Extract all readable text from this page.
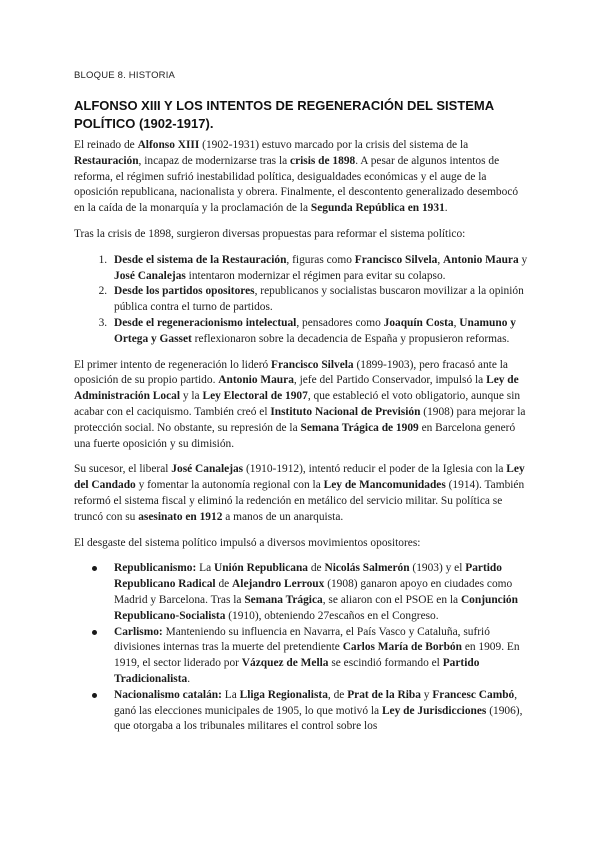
BLOQUE 8. HISTORIA
ALFONSO XIII Y LOS INTENTOS DE REGENERACIÓN DEL SISTEMA POLÍTICO (1902-1917).

El reinado de Alfonso XIII (1902-1931) estuvo marcado por la crisis del sistema de la Restauración, incapaz de modernizarse tras la crisis de 1898. A pesar de algunos intentos de reforma, el régimen sufrió inestabilidad política, desigualdades económicas y el auge de la oposición republicana, nacionalista y obrera. Finalmente, el descontento generalizado desembocó en la caída de la monarquía y la proclamación de la Segunda República en 1931.

Tras la crisis de 1898, surgieron diversas propuestas para reformar el sistema político:

1. Desde el sistema de la Restauración, figuras como Francisco Silvela, Antonio Maura y José Canalejas intentaron modernizar el régimen para evitar su colapso.
2. Desde los partidos opositores, republicanos y socialistas buscaron movilizar a la opinión pública contra el turno de partidos.
3. Desde el regeneracionismo intelectual, pensadores como Joaquín Costa, Unamuno y Ortega y Gasset reflexionaron sobre la decadencia de España y propusieron reformas.

El primer intento de regeneración lo lideró Francisco Silvela (1899-1903), pero fracasó ante la oposición de su propio partido. Antonio Maura, jefe del Partido Conservador, impulsó la Ley de Administración Local y la Ley Electoral de 1907, que estableció el voto obligatorio, aunque sin acabar con el caciquismo. También creó el Instituto Nacional de Previsión (1908) para mejorar la protección social. No obstante, su represión de la Semana Trágica de 1909 en Barcelona generó una fuerte oposición y su dimisión.

Su sucesor, el liberal José Canalejas (1910-1912), intentó reducir el poder de la Iglesia con la Ley del Candado y fomentar la autonomía regional con la Ley de Mancomunidades (1914). También reformó el sistema fiscal y eliminó la redención en metálico del servicio militar. Su política se truncó con su asesinato en 1912 a manos de un anarquista.

El desgaste del sistema político impulsó a diversos movimientos opositores:

Republicanismo: La Unión Republicana de Nicolás Salmerón (1903) y el Partido Republicano Radical de Alejandro Lerroux (1908) ganaron apoyo en ciudades como Madrid y Barcelona. Tras la Semana Trágica, se aliaron con el PSOE en la Conjunción Republicano-Socialista (1910), obteniendo 27escaños en el Congreso.
Carlismo: Manteniendo su influencia en Navarra, el País Vasco y Cataluña, sufrió divisiones internas tras la muerte del pretendiente Carlos María de Borbón en 1909. En 1919, el sector liderado por Vázquez de Mella se escindió formando el Partido Tradicionalista.
Nacionalismo catalán: La Lliga Regionalista, de Prat de la Riba y Francesc Cambó, ganó las elecciones municipales de 1905, lo que motivó la Ley de Jurisdicciones (1906), que otorgaba a los tribunales militares el control sobre los
